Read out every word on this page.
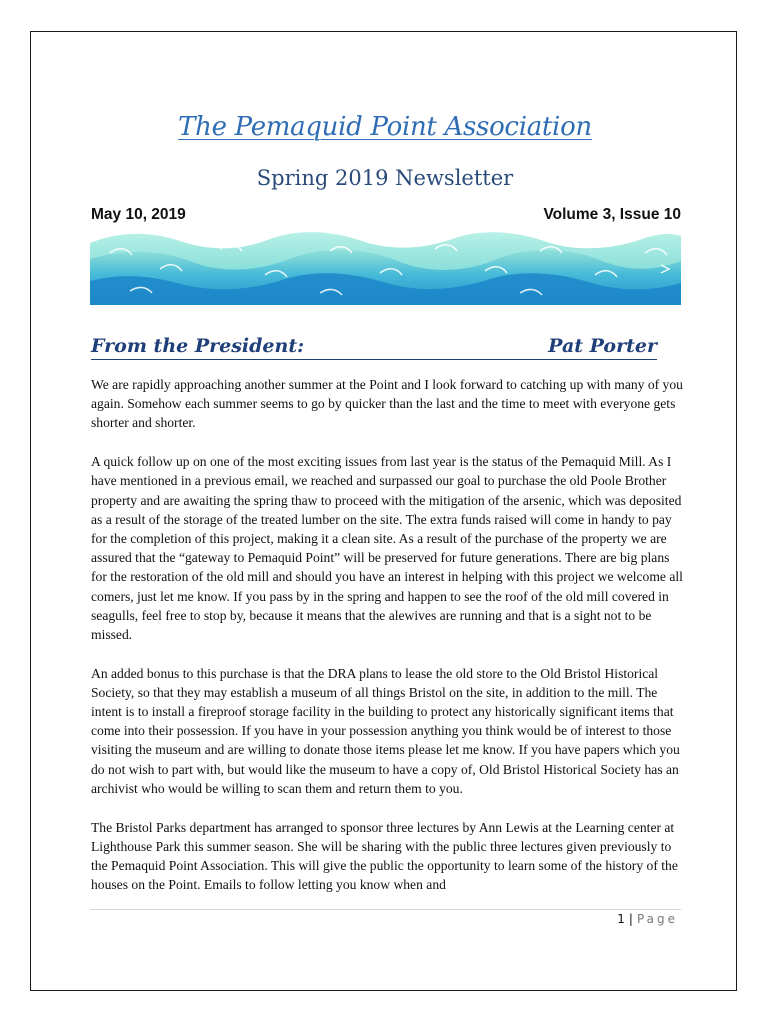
The Pemaquid Point Association
Spring 2019 Newsletter
May 10, 2019	Volume 3, Issue 10
From the President:	Pat Porter

We are rapidly approaching another summer at the Point and I look forward to catching up with many of you again. Somehow each summer seems to go by quicker than the last and the time to meet with everyone gets shorter and shorter.

A quick follow up on one of the most exciting issues from last year is the status of the Pemaquid Mill. As I have mentioned in a previous email, we reached and surpassed our goal to purchase the old Poole Brother property and are awaiting the spring thaw to proceed with the mitigation of the arsenic, which was deposited as a result of the storage of the treated lumber on the site. The extra funds raised will come in handy to pay for the completion of this project, making it a clean site. As a result of the purchase of the property we are assured that the “gateway to Pemaquid Point” will be preserved for future generations. There are big plans for the restoration of the old mill and should you have an interest in helping with this project we welcome all comers, just let me know. If you pass by in the spring and happen to see the roof of the old mill covered in seagulls, feel free to stop by, because it means that the alewives are running and that is a sight not to be missed.

An added bonus to this purchase is that the DRA plans to lease the old store to the Old Bristol Historical Society, so that they may establish a museum of all things Bristol on the site, in addition to the mill. The intent is to install a fireproof storage facility in the building to protect any historically significant items that come into their possession. If you have in your possession anything you think would be of interest to those visiting the museum and are willing to donate those items please let me know. If you have papers which you do not wish to part with, but would like the museum to have a copy of, Old Bristol Historical Society has an archivist who would be willing to scan them and return them to you.

The Bristol Parks department has arranged to sponsor three lectures by Ann Lewis at the Learning center at Lighthouse Park this summer season. She will be sharing with the public three lectures given previously to the Pemaquid Point Association. This will give the public the opportunity to learn some of the history of the houses on the Point. Emails to follow letting you know when and

1 | Page
